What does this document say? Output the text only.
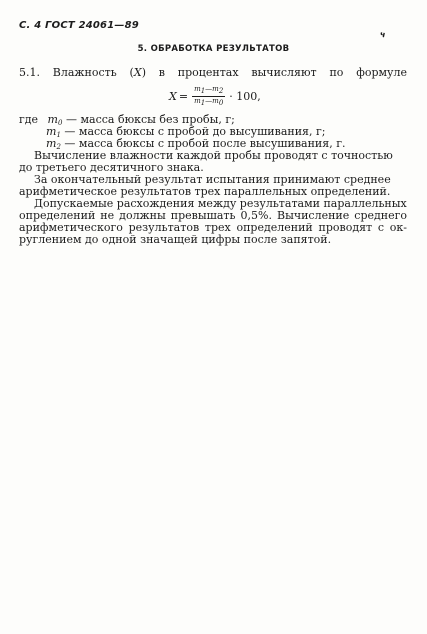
С. 4 ГОСТ 24061—89
ч
5. ОБРАБОТКА РЕЗУЛЬТАТОВ
5.1. Влажность (X) в процентах вычисляют по формуле
$X = \frac{m_1—m_2}{m_1—m_0} \cdot 100$,
где $m_0$ — масса бюксы без пробы, г;
$m_1$ — масса бюксы с пробой до высушивания, г;
$m_2$ — масса бюксы с пробой после высушивания, г.
Вычисление влажности каждой пробы проводят с точностью
до третьего десятичного знака.
За окончательный результат испытания принимают среднее
арифметическое результатов трех параллельных определений.
Допускаемые расхождения между результатами параллельных
определений не должны превышать 0,5%. Вычисление среднего
арифметического результатов трех определений проводят с ок-
руглением до одной значащей цифры после запятой.
